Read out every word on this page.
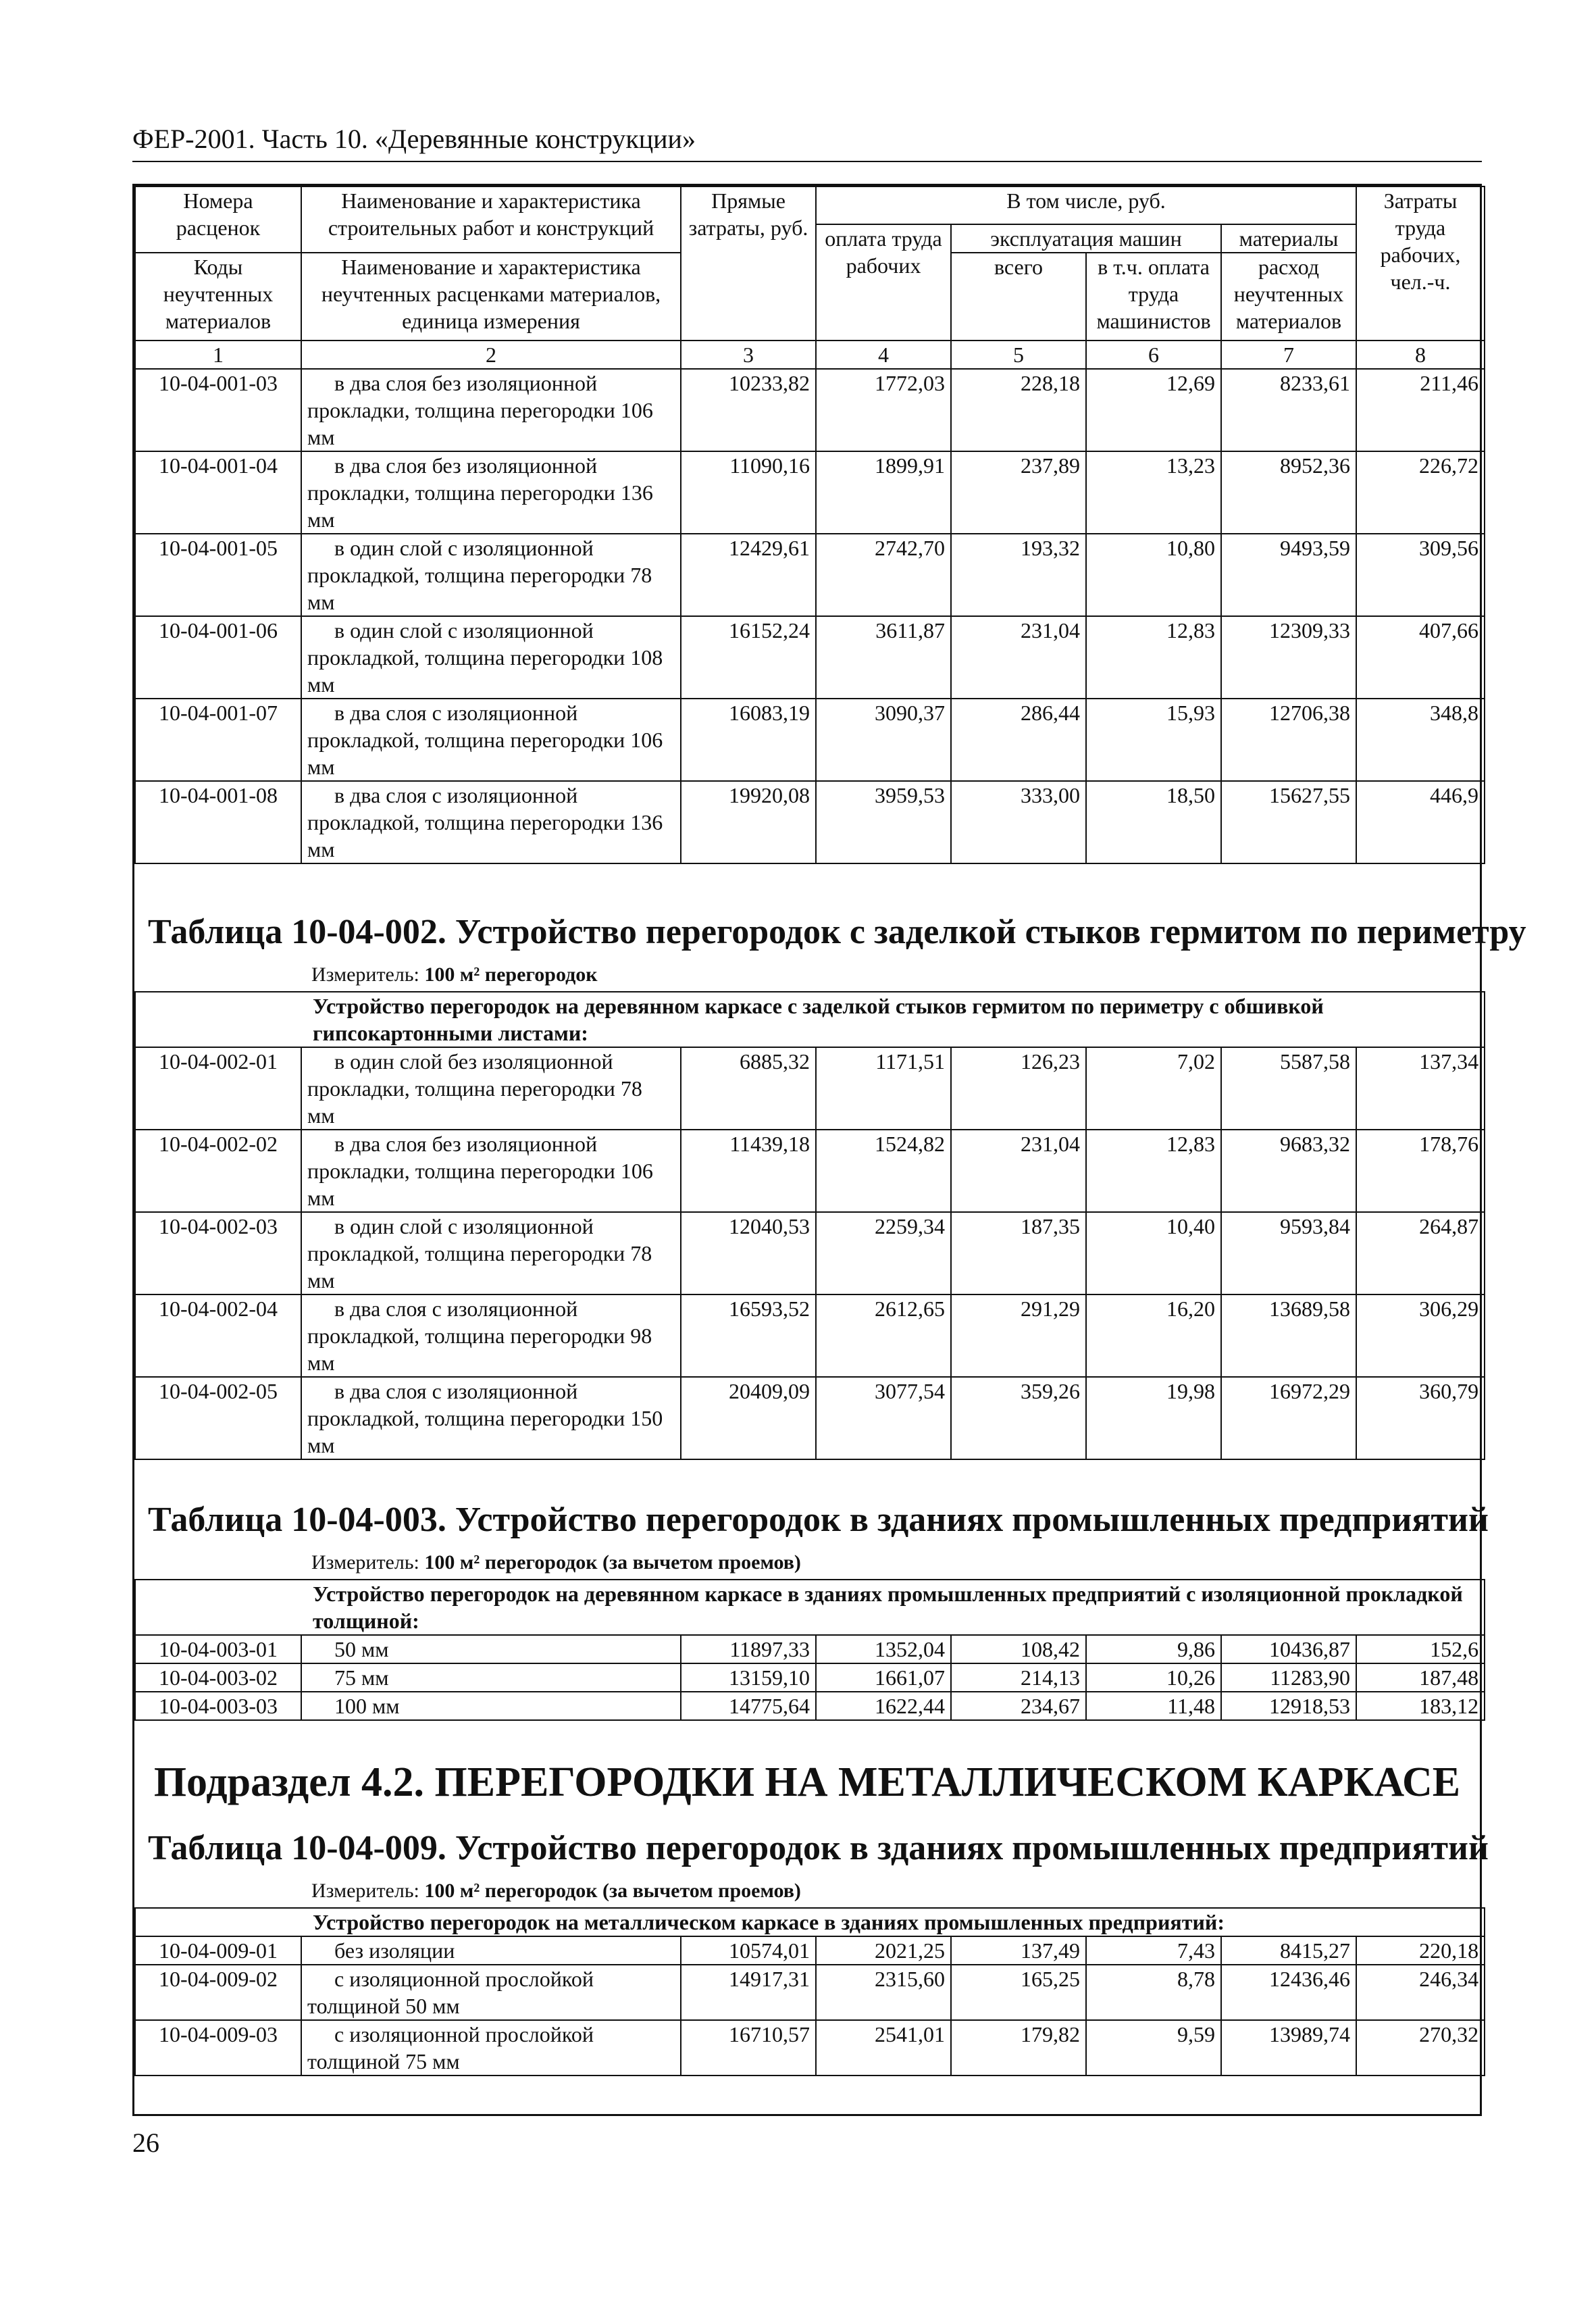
ФЕР-2001. Часть 10. «Деревянные конструкции»
Номера расценок	Наименование и характеристика строительных работ и конструкций	Прямые затраты, руб.	В том числе, руб.				Затраты труда рабочих, чел.-ч.
			оплата труда рабочих	эксплуатация машин		материалы	
Коды неучтенных материалов	Наименование и характеристика неучтенных расценками материалов, единица измерения			всего	в т.ч. оплата труда машинистов	расход неучтенных материалов	

1	2	3	4	5	6	7	8
10-04-001-03	в два слоя без изоляционной прокладки, толщина перегородки 106 мм	10233,82	1772,03	228,18	12,69	8233,61	211,46
10-04-001-04	в два слоя без изоляционной прокладки, толщина перегородки 136 мм	11090,16	1899,91	237,89	13,23	8952,36	226,72
10-04-001-05	в один слой с изоляционной прокладкой, толщина перегородки 78 мм	12429,61	2742,70	193,32	10,80	9493,59	309,56
10-04-001-06	в один слой с изоляционной прокладкой, толщина перегородки 108 мм	16152,24	3611,87	231,04	12,83	12309,33	407,66
10-04-001-07	в два слоя с изоляционной прокладкой, толщина перегородки 106 мм	16083,19	3090,37	286,44	15,93	12706,38	348,8
10-04-001-08	в два слоя с изоляционной прокладкой, толщина перегородки 136 мм	19920,08	3959,53	333,00	18,50	15627,55	446,9
Таблица 10-04-002. Устройство перегородок с заделкой стыков гермитом по периметру
Измеритель: 100 м² перегородок
Устройство перегородок на деревянном каркасе с заделкой стыков гермитом по периметру с обшивкой гипсокартонными листами:							
10-04-002-01	в один слой без изоляционной прокладки, толщина перегородки 78 мм	6885,32	1171,51	126,23	7,02	5587,58	137,34
10-04-002-02	в два слоя без изоляционной прокладки, толщина перегородки 106 мм	11439,18	1524,82	231,04	12,83	9683,32	178,76
10-04-002-03	в один слой с изоляционной прокладкой, толщина перегородки 78 мм	12040,53	2259,34	187,35	10,40	9593,84	264,87
10-04-002-04	в два слоя с изоляционной прокладкой, толщина перегородки 98 мм	16593,52	2612,65	291,29	16,20	13689,58	306,29
10-04-002-05	в два слоя с изоляционной прокладкой, толщина перегородки 150 мм	20409,09	3077,54	359,26	19,98	16972,29	360,79
Таблица 10-04-003. Устройство перегородок в зданиях промышленных предприятий
Измеритель: 100 м² перегородок (за вычетом проемов)
Устройство перегородок на деревянном каркасе в зданиях промышленных предприятий с изоляционной прокладкой толщиной:							
10-04-003-01	50 мм	11897,33	1352,04	108,42	9,86	10436,87	152,6
10-04-003-02	75 мм	13159,10	1661,07	214,13	10,26	11283,90	187,48
10-04-003-03	100 мм	14775,64	1622,44	234,67	11,48	12918,53	183,12
Подраздел 4.2. ПЕРЕГОРОДКИ НА МЕТАЛЛИЧЕСКОМ КАРКАСЕ
Таблица 10-04-009. Устройство перегородок в зданиях промышленных предприятий
Измеритель: 100 м² перегородок (за вычетом проемов)
Устройство перегородок на металлическом каркасе в зданиях промышленных предприятий:							
10-04-009-01	без изоляции	10574,01	2021,25	137,49	7,43	8415,27	220,18
10-04-009-02	с изоляционной прослойкой толщиной 50 мм	14917,31	2315,60	165,25	8,78	12436,46	246,34
10-04-009-03	с изоляционной прослойкой толщиной 75 мм	16710,57	2541,01	179,82	9,59	13989,74	270,32
26
